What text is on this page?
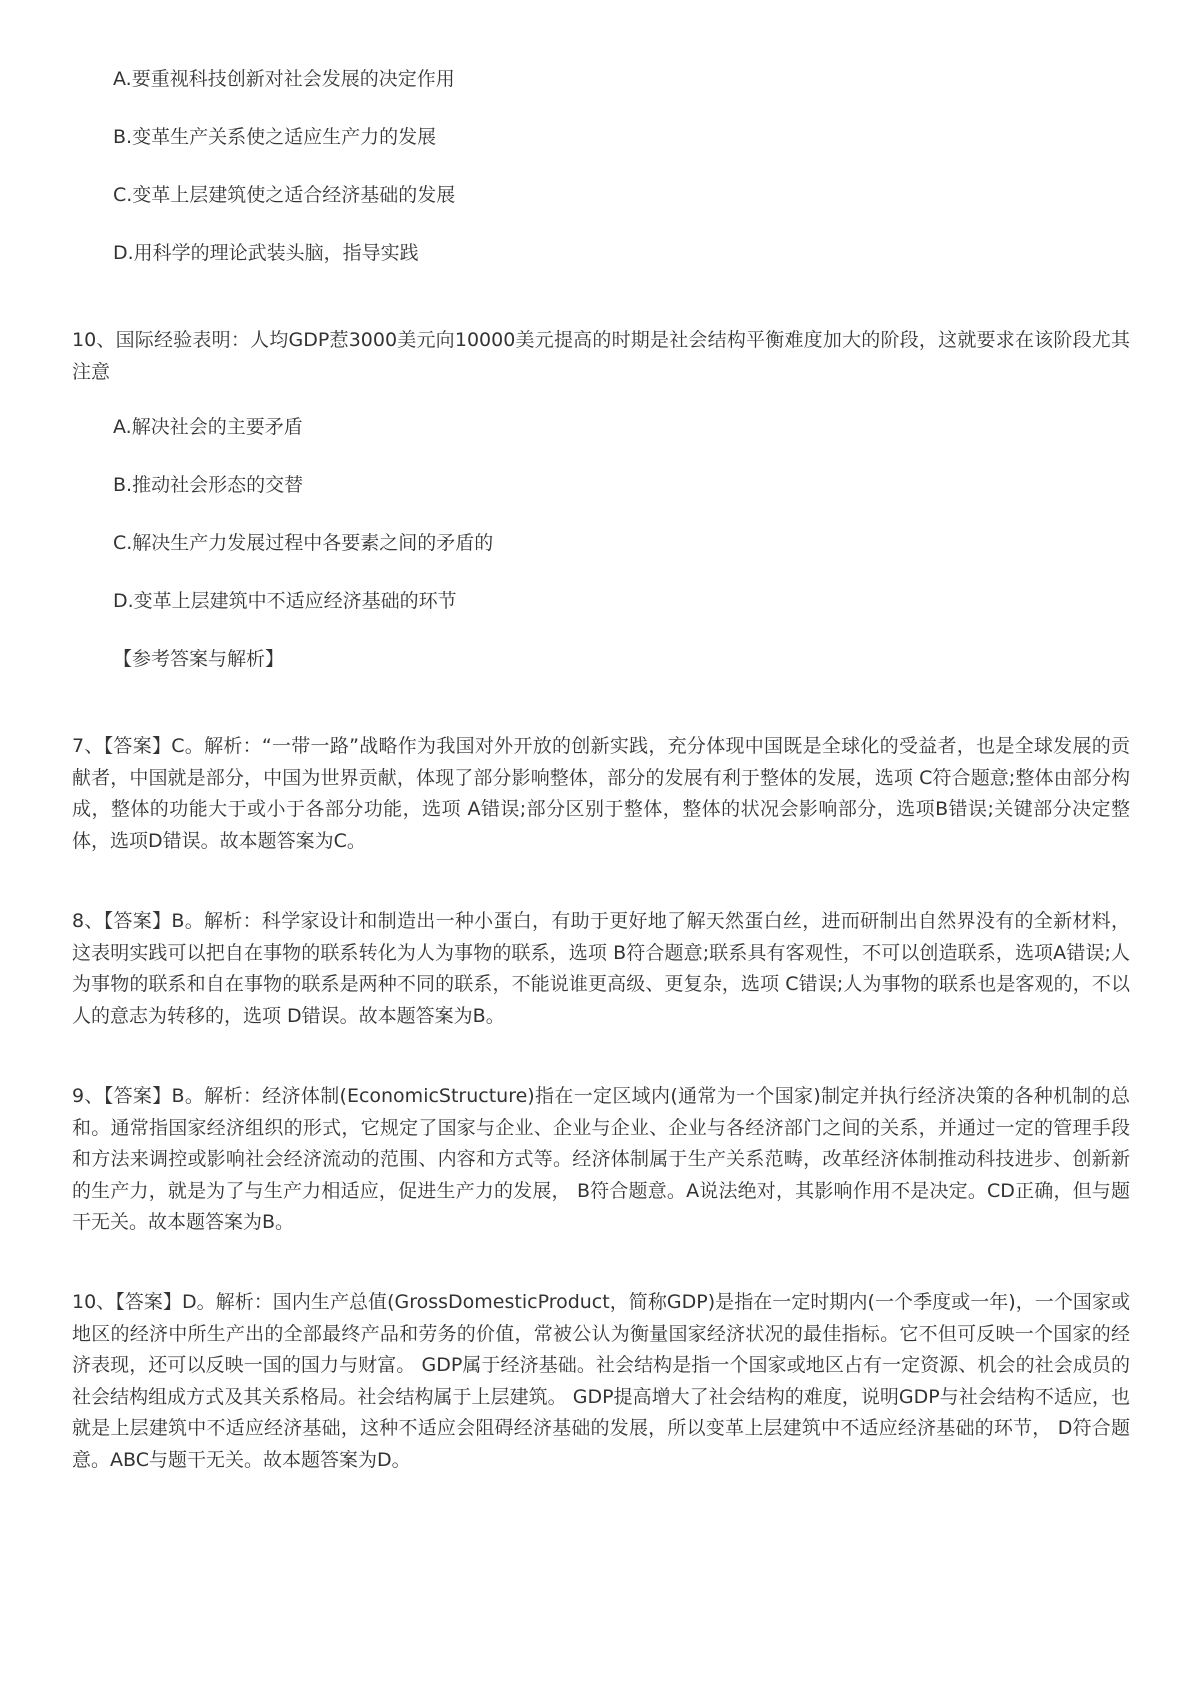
A.要重视科技创新对社会发展的决定作用
B.变革生产关系使之适应生产力的发展
C.变革上层建筑使之适合经济基础的发展
D.用科学的理论武装头脑，指导实践
10、国际经验表明：人均GDP惹3000美元向10000美元提高的时期是社会结构平衡难度加大的阶段，这就要求在该阶段尤其注意
A.解决社会的主要矛盾
B.推动社会形态的交替
C.解决生产力发展过程中各要素之间的矛盾的
D.变革上层建筑中不适应经济基础的环节
【参考答案与解析】
7、【答案】C。解析：“一带一路”战略作为我国对外开放的创新实践，充分体现中国既是全球化的受益者，也是全球发展的贡献者，中国就是部分，中国为世界贡献，体现了部分影响整体，部分的发展有利于整体的发展，选项 C符合题意;整体由部分构成，整体的功能大于或小于各部分功能，选项 A错误;部分区别于整体，整体的状况会影响部分，选项B错误;关键部分决定整体，选项D错误。故本题答案为C。
8、【答案】B。解析：科学家设计和制造出一种小蛋白，有助于更好地了解天然蛋白丝，进而研制出自然界没有的全新材料，这表明实践可以把自在事物的联系转化为人为事物的联系，选项 B符合题意;联系具有客观性，不可以创造联系，选项A错误;人为事物的联系和自在事物的联系是两种不同的联系，不能说谁更高级、更复杂，选项 C错误;人为事物的联系也是客观的，不以人的意志为转移的，选项 D错误。故本题答案为B。
9、【答案】B。解析：经济体制(EconomicStructure)指在一定区域内(通常为一个国家)制定并执行经济决策的各种机制的总和。通常指国家经济组织的形式，它规定了国家与企业、企业与企业、企业与各经济部门之间的关系，并通过一定的管理手段和方法来调控或影响社会经济流动的范围、内容和方式等。经济体制属于生产关系范畴，改革经济体制推动科技进步、创新新的生产力，就是为了与生产力相适应，促进生产力的发展， B符合题意。A说法绝对，其影响作用不是决定。CD正确，但与题干无关。故本题答案为B。
10、【答案】D。解析：国内生产总值(GrossDomesticProduct，简称GDP)是指在一定时期内(一个季度或一年)，一个国家或地区的经济中所生产出的全部最终产品和劳务的价值，常被公认为衡量国家经济状况的最佳指标。它不但可反映一个国家的经济表现，还可以反映一国的国力与财富。 GDP属于经济基础。社会结构是指一个国家或地区占有一定资源、机会的社会成员的社会结构组成方式及其关系格局。社会结构属于上层建筑。 GDP提高增大了社会结构的难度，说明GDP与社会结构不适应，也就是上层建筑中不适应经济基础，这种不适应会阻碍经济基础的发展，所以变革上层建筑中不适应经济基础的环节， D符合题意。ABC与题干无关。故本题答案为D。
